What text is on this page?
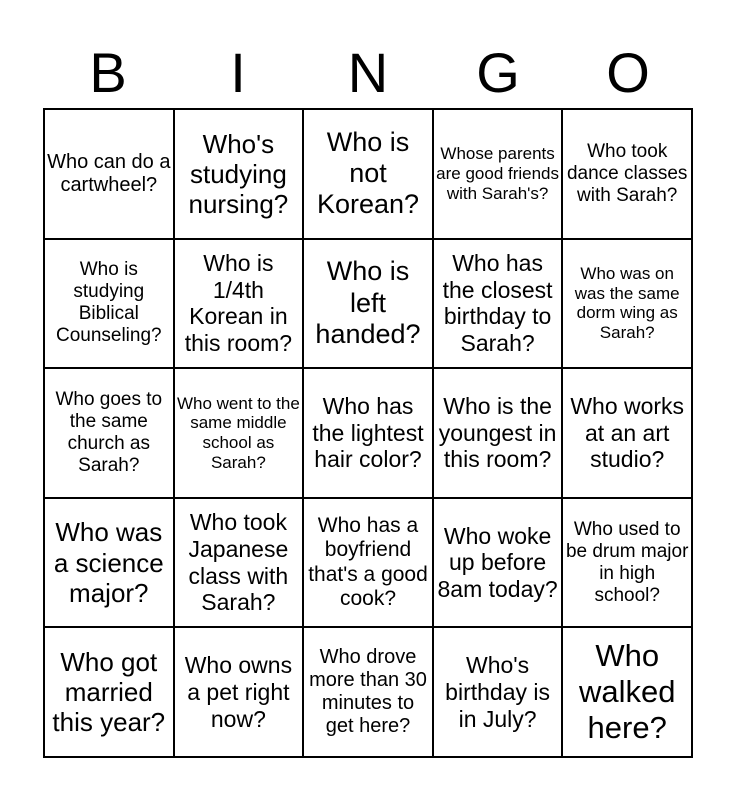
B	I	N	G	O
Who can do a cartwheel?
Who's studying nursing?
Who is not Korean?
Whose parents are good friends with Sarah's?
Who took dance classes with Sarah?
Who is studying Biblical Counseling?
Who is 1/4th Korean in this room?
Who is left handed?
Who has the closest birthday to Sarah?
Who was on was the same dorm wing as Sarah?
Who goes to the same church as Sarah?
Who went to the same middle school as Sarah?
Who has the lightest hair color?
Who is the youngest in this room?
Who works at an art studio?
Who was a science major?
Who took Japanese class with Sarah?
Who has a boyfriend that's a good cook?
Who woke up before 8am today?
Who used to be drum major in high school?
Who got married this year?
Who owns a pet right now?
Who drove more than 30 minutes to get here?
Who's birthday is in July?
Who walked here?
